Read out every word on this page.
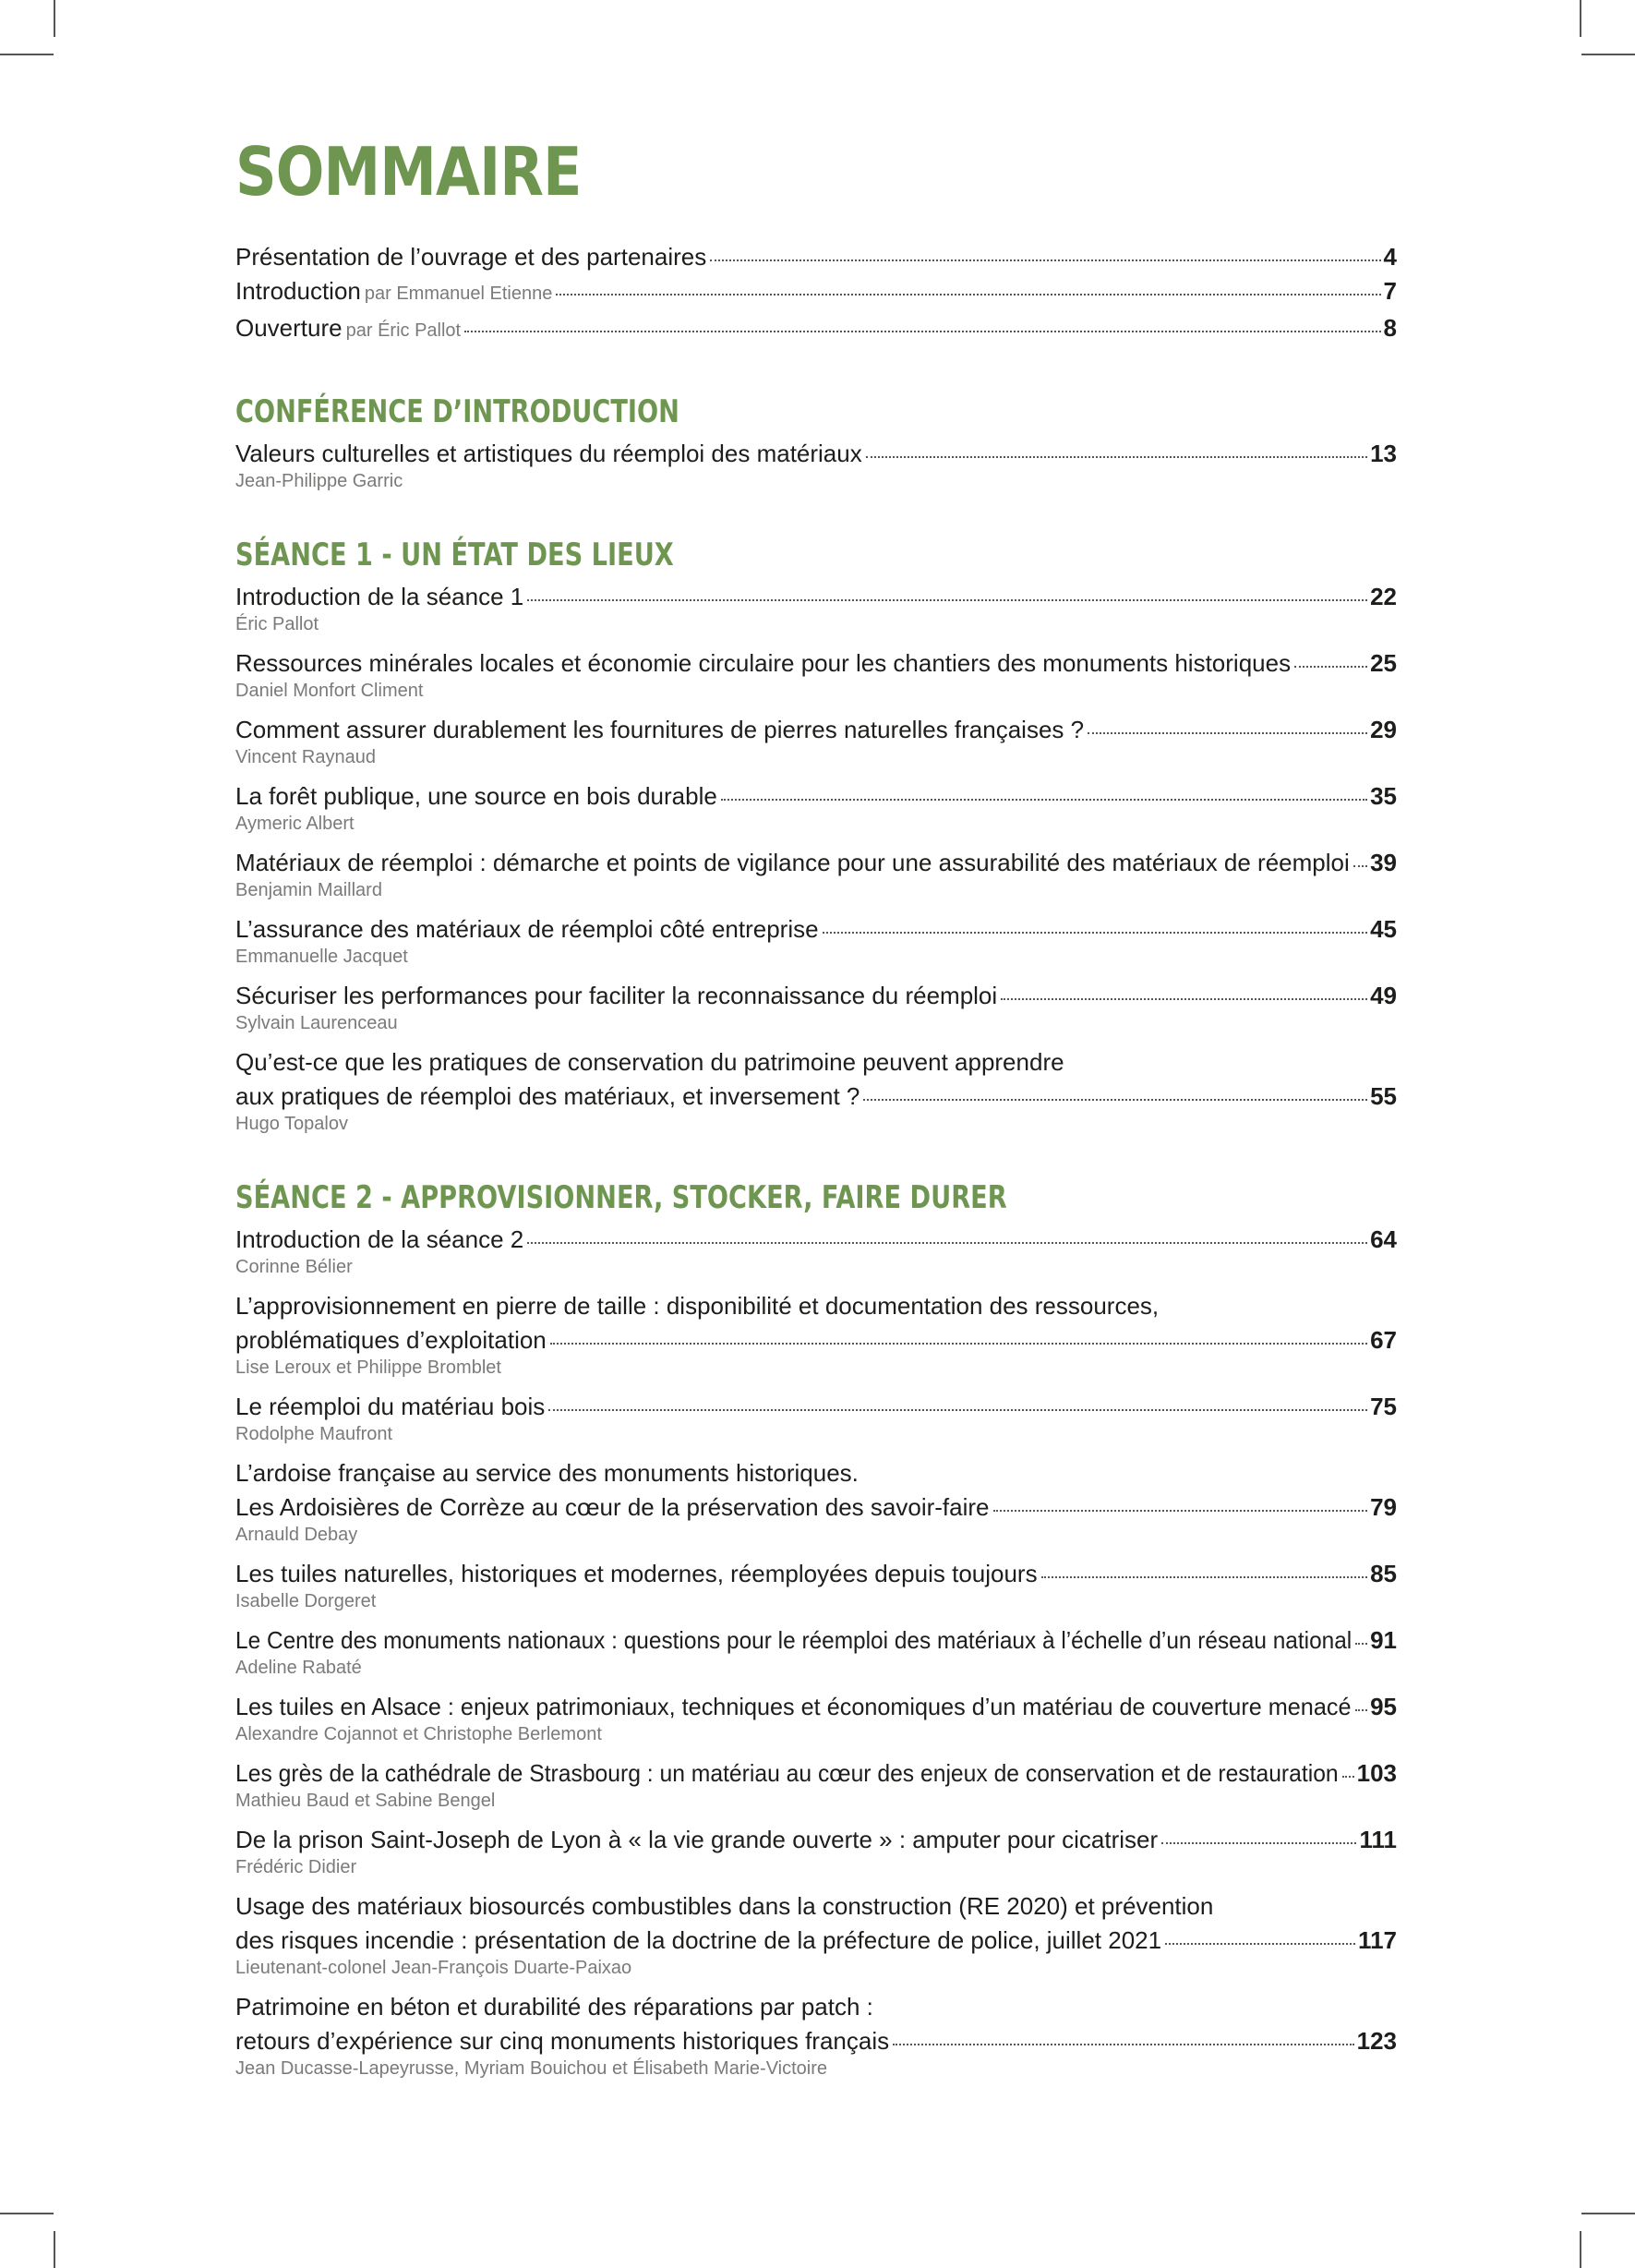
SOMMAIRE
Présentation de l’ouvrage et des partenaires	4
Introduction par Emmanuel Etienne	7
Ouverture par Éric Pallot	8
CONFÉRENCE D’INTRODUCTION
Valeurs culturelles et artistiques du réemploi des matériaux	13
Jean-Philippe Garric
SÉANCE 1 - UN ÉTAT DES LIEUX
Introduction de la séance 1	22
Éric Pallot
Ressources minérales locales et économie circulaire pour les chantiers des monuments historiques	25
Daniel Monfort Climent
Comment assurer durablement les fournitures de pierres naturelles françaises ?	29
Vincent Raynaud
La forêt publique, une source en bois durable	35
Aymeric Albert
Matériaux de réemploi : démarche et points de vigilance pour une assurabilité des matériaux de réemploi 39
Benjamin Maillard
L’assurance des matériaux de réemploi côté entreprise	45
Emmanuelle Jacquet
Sécuriser les performances pour faciliter la reconnaissance du réemploi	49
Sylvain Laurenceau
Qu’est-ce que les pratiques de conservation du patrimoine peuvent apprendre
aux pratiques de réemploi des matériaux, et inversement ?	55
Hugo Topalov
SÉANCE 2 - APPROVISIONNER, STOCKER, FAIRE DURER
Introduction de la séance 2	64
Corinne Bélier
L’approvisionnement en pierre de taille : disponibilité et documentation des ressources,
problématiques d’exploitation	67
Lise Leroux et Philippe Bromblet
Le réemploi du matériau bois	75
Rodolphe Maufront
L’ardoise française au service des monuments historiques.
Les Ardoisières de Corrèze au cœur de la préservation des savoir-faire	79
Arnauld Debay
Les tuiles naturelles, historiques et modernes, réemployées depuis toujours	85
Isabelle Dorgeret
Le Centre des monuments nationaux : questions pour le réemploi des matériaux à l’échelle d’un réseau national 91
Adeline Rabaté
Les tuiles en Alsace : enjeux patrimoniaux, techniques et économiques d’un matériau de couverture menacé 95
Alexandre Cojannot et Christophe Berlemont
Les grès de la cathédrale de Strasbourg : un matériau au cœur des enjeux de conservation et de restauration 103
Mathieu Baud et Sabine Bengel
De la prison Saint-Joseph de Lyon à « la vie grande ouverte » : amputer pour cicatriser	111
Frédéric Didier
Usage des matériaux biosourcés combustibles dans la construction (RE 2020) et prévention
des risques incendie : présentation de la doctrine de la préfecture de police, juillet 2021	117
Lieutenant-colonel Jean-François Duarte-Paixao
Patrimoine en béton et durabilité des réparations par patch :
retours d’expérience sur cinq monuments historiques français	123
Jean Ducasse-Lapeyrusse, Myriam Bouichou et Élisabeth Marie-Victoire
